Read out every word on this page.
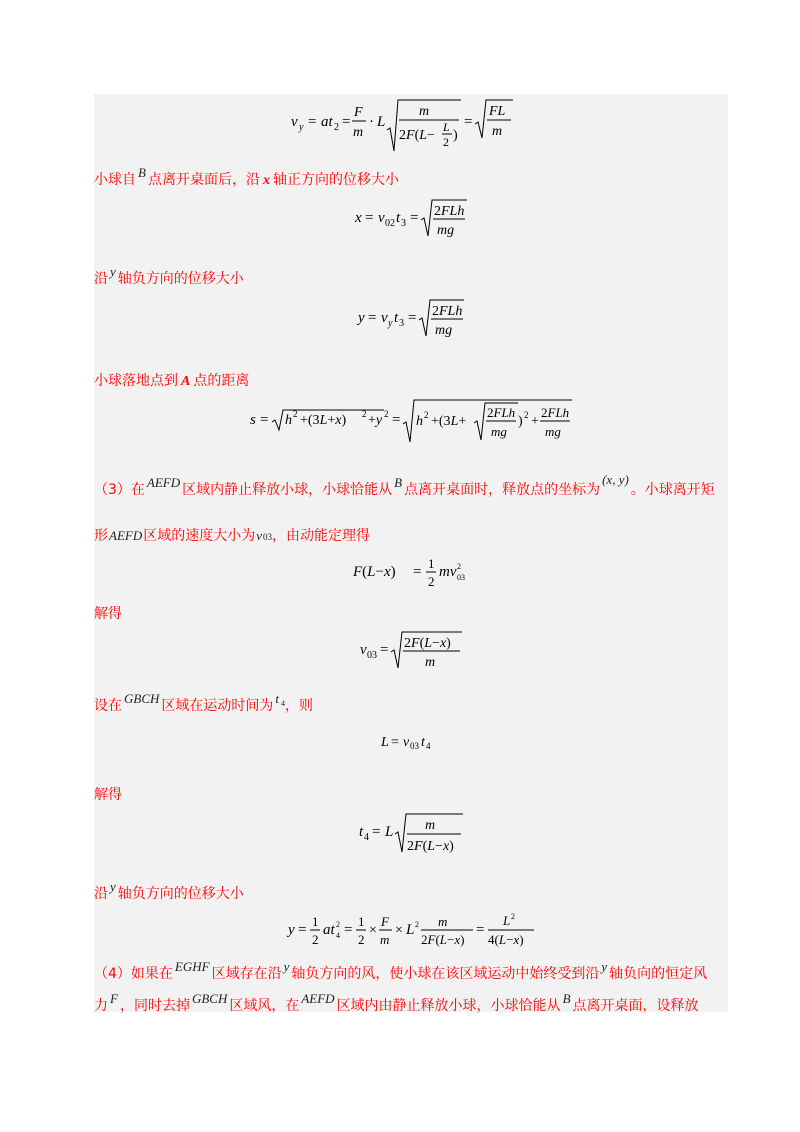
v y = at 2 =
F
m
· L
m
2F(L−
L
2 )
=
FL
m
小球自 B 点离开桌面后，沿 x 轴正方向的位移大小
x = v 02 t 3 = 2FLh
mg
沿 y 轴负方向的位移大小
y = v y t 3 = 2FLh
mg
小球落地点到 A 点的距离
s = h 2 +(3L+x) 2 +y 2 = h 2 +(3L+
2FLh
mg
) 2 +
2FLh
mg
（3）在 AEFD 区域内静止释放小球，小球恰能从 B 点离开桌面时，释放点的坐标为(x, y)。小球离开矩
形AEFD区域的速度大小为v03，由动能定理得
F(L−x) =
1
2
mv 2
03
解得
v 03 = 2F(L−x)
m
设在 GBCH 区域在运动时间为 t $^4$，则
L = v 03 t 4
解得
t 4 = L m
2F(L−x)
沿 y 轴负方向的位移大小
y =
1
2
at 2
4 =
1
2
×
F
m
× L 2 m
2F(L−x)
=
L 2
4(L−x)
（4）如果在 EGHF 区域存在沿 y 轴负方向的风，使小球在该区域运动中始终受到沿 y 轴负向的恒定风
力 F ，同时去掉 GBCH 区域风，在 AEFD 区域内由静止释放小球，小球恰能从 B 点离开桌面，设释放
